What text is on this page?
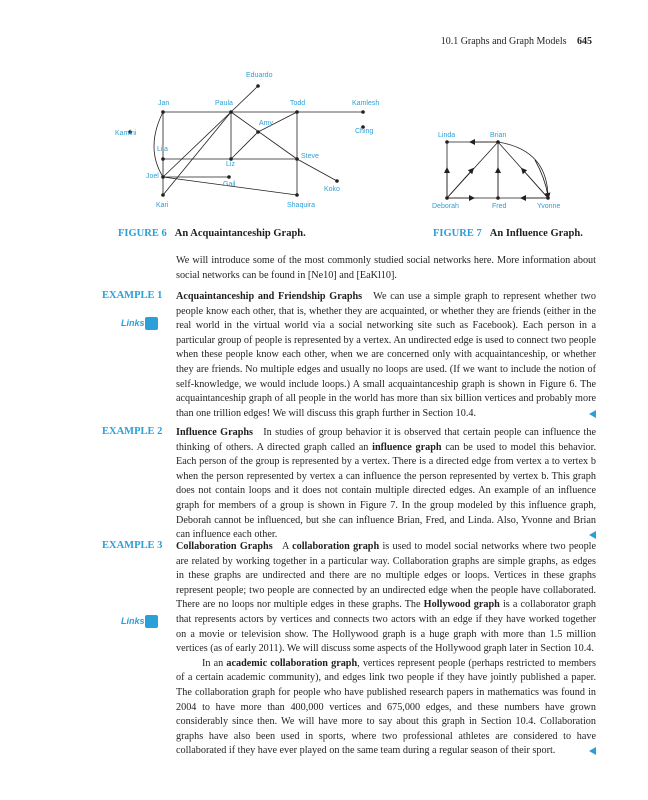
10.1 Graphs and Graph Models 645
Eduardo
Jan	Paula	Todd	Kamlesh
Amy
Kamini	Ching
Lila
Liz
Steve
Joel
Gail
Koko
Kari	Shaquira
Linda	Brian
Deborah	Fred	Yvonne
FIGURE 6 An Acquaintanceship Graph.	FIGURE 7 An Influence Graph.

We will introduce some of the most commonly studied social networks here. More information about social networks can be found in [Ne10] and [EaKl10].

EXAMPLE 1
Links

Acquaintanceship and Friendship Graphs We can use a simple graph to represent whether two people know each other, that is, whether they are acquainted, or whether they are friends (either in the real world in the virtual world via a social networking site such as Facebook). Each person in a particular group of people is represented by a vertex. An undirected edge is used to connect two people when these people know each other, when we are concerned only with acquaintanceship, or whether they are friends. No multiple edges and usually no loops are used. (If we want to include the notion of self-knowledge, we would include loops.) A small acquaintanceship graph is shown in Figure 6. The acquaintanceship graph of all people in the world has more than six billion vertices and probably more than one trillion edges! We will discuss this graph further in Section 10.4.

EXAMPLE 2 Influence Graphs In studies of group behavior it is observed that certain people can influence the thinking of others. A directed graph called an influence graph can be used to model this behavior. Each person of the group is represented by a vertex. There is a directed edge from vertex a to vertex b when the person represented by vertex a can influence the person represented by vertex b. This graph does not contain loops and it does not contain multiple directed edges. An example of an influence graph for members of a group is shown in Figure 7. In the group modeled by this influence graph, Deborah cannot be influenced, but she can influence Brian, Fred, and Linda. Also, Yvonne and Brian can influence each other.

EXAMPLE 3
Links

Collaboration Graphs A collaboration graph is used to model social networks where two people are related by working together in a particular way. Collaboration graphs are simple graphs, as edges in these graphs are undirected and there are no multiple edges or loops. Vertices in these graphs represent people; two people are connected by an undirected edge when the people have collaborated. There are no loops nor multiple edges in these graphs. The Hollywood graph is a collaborator graph that represents actors by vertices and connects two actors with an edge if they have worked together on a movie or television show. The Hollywood graph is a huge graph with more than 1.5 million vertices (as of early 2011). We will discuss some aspects of the Hollywood graph later in Section 10.4.
In an academic collaboration graph, vertices represent people (perhaps restricted to members of a certain academic community), and edges link two people if they have jointly published a paper. The collaboration graph for people who have published research papers in mathematics was found in 2004 to have more than 400,000 vertices and 675,000 edges, and these numbers have grown considerably since then. We will have more to say about this graph in Section 10.4. Collaboration graphs have also been used in sports, where two professional athletes are considered to have collaborated if they have ever played on the same team during a regular season of their sport.
